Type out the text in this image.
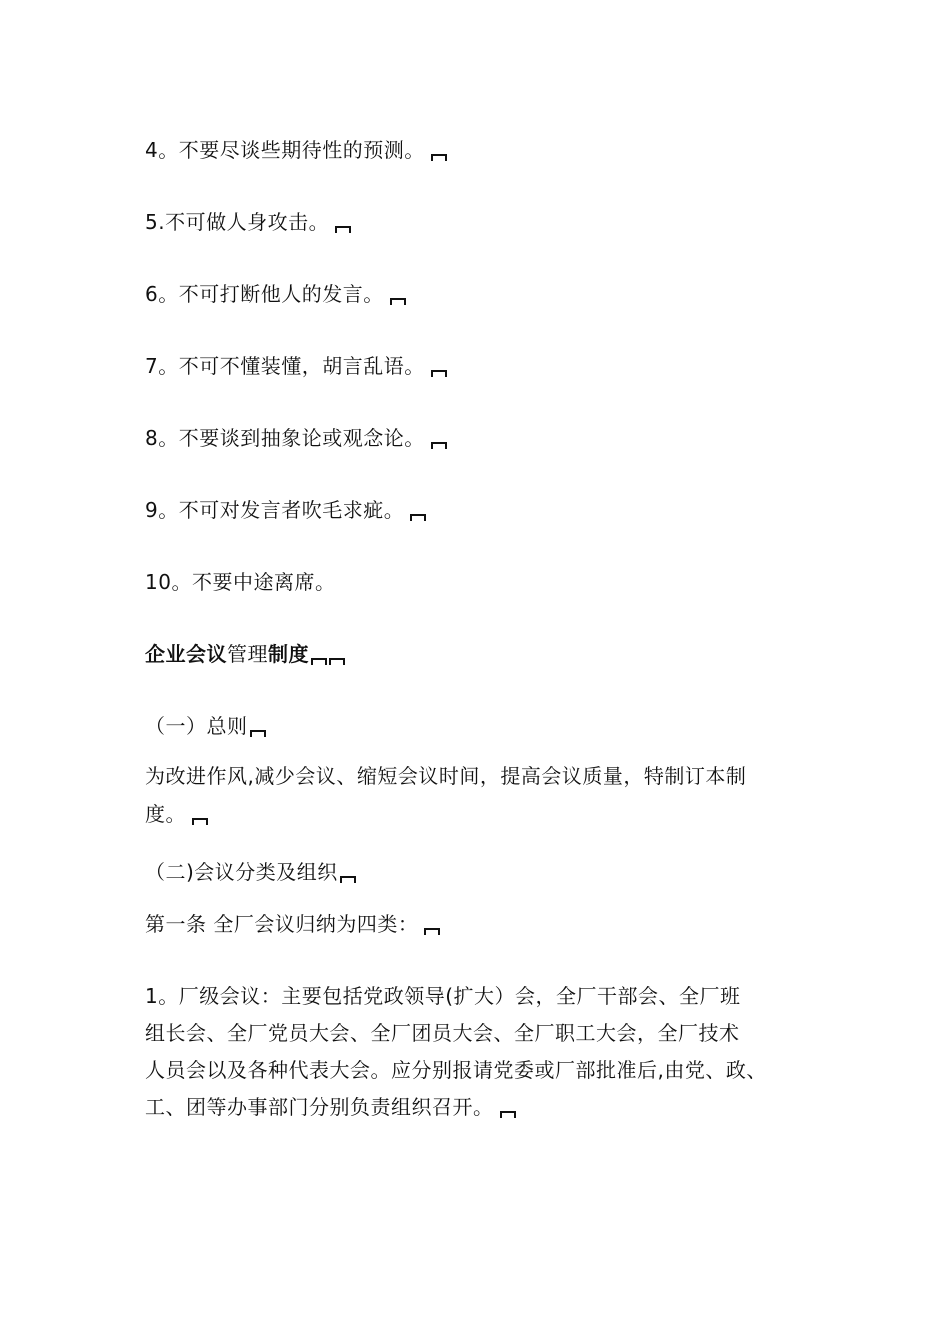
4。不要尽谈些期待性的预测。
5.不可做人身攻击。
6。不可打断他人的发言。
7。不可不懂装懂，胡言乱语。
8。不要谈到抽象论或观念论。
9。不可对发言者吹毛求疵。
10。不要中途离席。
企业会议管理制度
（一）总则
为改进作风,减少会议、缩短会议时间，提高会议质量，特制订本制
度。
（二)会议分类及组织
第一条 全厂会议归纳为四类：
1。厂级会议：主要包括党政领导(扩大）会，全厂干部会、全厂班
组长会、全厂党员大会、全厂团员大会、全厂职工大会，全厂技术
人员会以及各种代表大会。应分别报请党委或厂部批准后,由党、政、
工、团等办事部门分别负责组织召开。
